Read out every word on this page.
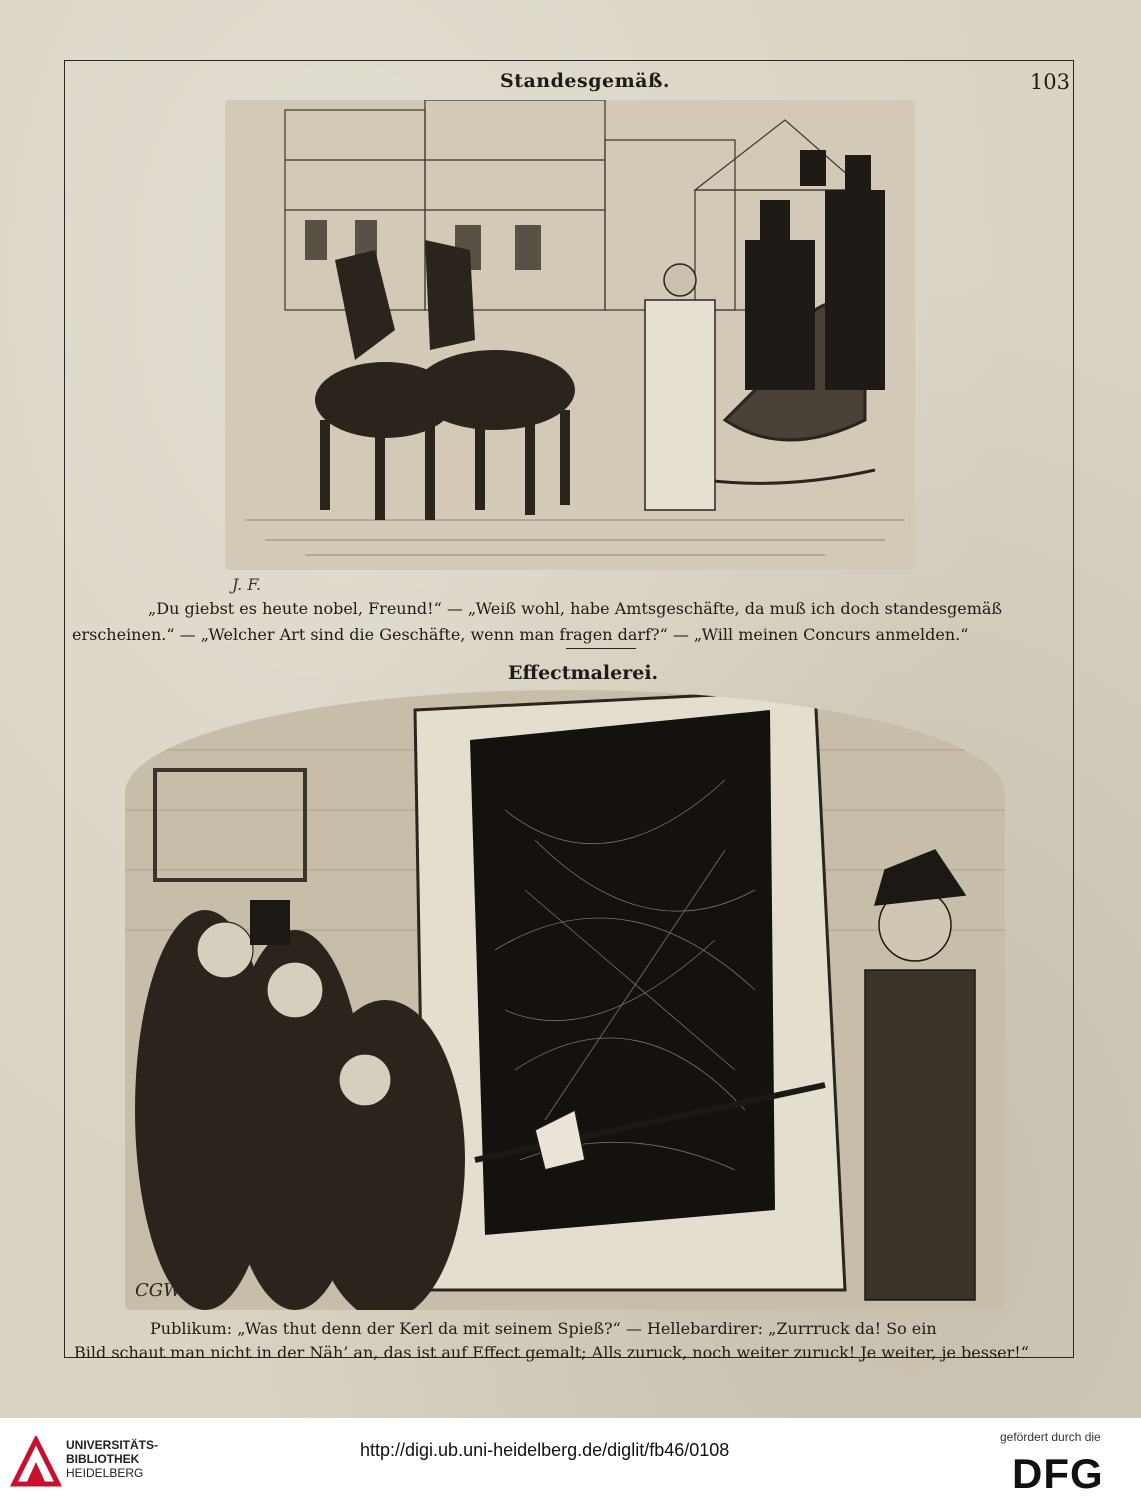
Standesgemäß.	103
J. F.
„Du giebst es heute nobel, Freund!“ — „Weiß wohl, habe Amtsgeschäfte, da muß ich doch standesgemäß
erscheinen.“ — „Welcher Art sind die Geschäfte, wenn man fragen darf?“ — „Will meinen Concurs anmelden.“
Effectmalerei.
CGW
Publikum: „Was thut denn der Kerl da mit seinem Spieß?“ — Hellebardirer: „Zurrruck da! So ein
Bild schaut man nicht in der Näh’ an, das ist auf Effect gemalt; Alls zuruck, noch weiter zuruck! Je weiter, je besser!“
UNIVERSITÄTS-
BIBLIOTHEK
HEIDELBERG
http://digi.ub.uni-heidelberg.de/diglit/fb46/0108
gefördert durch die
DFG
